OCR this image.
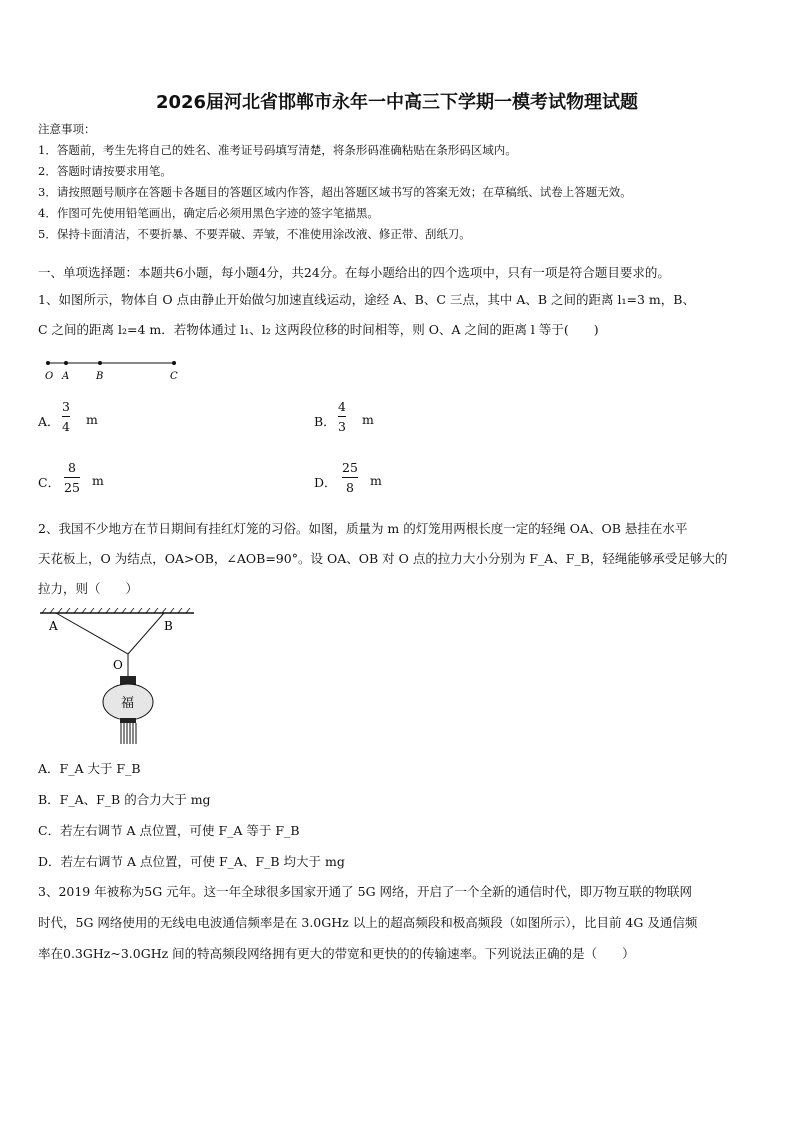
2026届河北省邯郸市永年一中高三下学期一模考试物理试题
注意事项：
1．答题前，考生先将自己的姓名、准考证号码填写清楚，将条形码准确粘贴在条形码区域内。
2．答题时请按要求用笔。
3．请按照题号顺序在答题卡各题目的答题区域内作答，超出答题区域书写的答案无效；在草稿纸、试卷上答题无效。
4．作图可先使用铅笔画出，确定后必须用黑色字迹的签字笔描黑。
5．保持卡面清洁，不要折暴、不要弄破、弄皱，不准使用涂改液、修正带、刮纸刀。
一、单项选择题：本题共6小题，每小题4分，共24分。在每小题给出的四个选项中，只有一项是符合题目要求的。
1、如图所示，物体自 O 点由静止开始做匀加速直线运动，途经 A、B、C 三点，其中 A、B 之间的距离 l₁=3 m，B、
C 之间的距离 l₂=4 m．若物体通过 l₁、l₂ 这两段位移的时间相等，则 O、A 之间的距离 l 等于(　　)
O A	B	C
A．
3
4 m	B．
4
3 m
C．
8
25 m	D．
25
8 m
2、我国不少地方在节日期间有挂红灯笼的习俗。如图，质量为 m 的灯笼用两根长度一定的轻绳 OA、OB 悬挂在水平
天花板上，O 为结点，OA>OB，∠AOB=90°。设 OA、OB 对 O 点的拉力大小分别为 F_A、F_B，轻绳能够承受足够大的
拉力，则（　　）
A	B
O
福
A．F_A 大于 F_B
B．F_A、F_B 的合力大于 mg
C．若左右调节 A 点位置，可使 F_A 等于 F_B
D．若左右调节 A 点位置，可使 F_A、F_B 均大于 mg
3、2019 年被称为5G 元年。这一年全球很多国家开通了 5G 网络，开启了一个全新的通信时代，即万物互联的物联网
时代，5G 网络使用的无线电电波通信频率是在 3.0GHz 以上的超高频段和极高频段（如图所示），比目前 4G 及通信频
率在0.3GHz~3.0GHz 间的特高频段网络拥有更大的带宽和更快的的传输速率。下列说法正确的是（　　）
